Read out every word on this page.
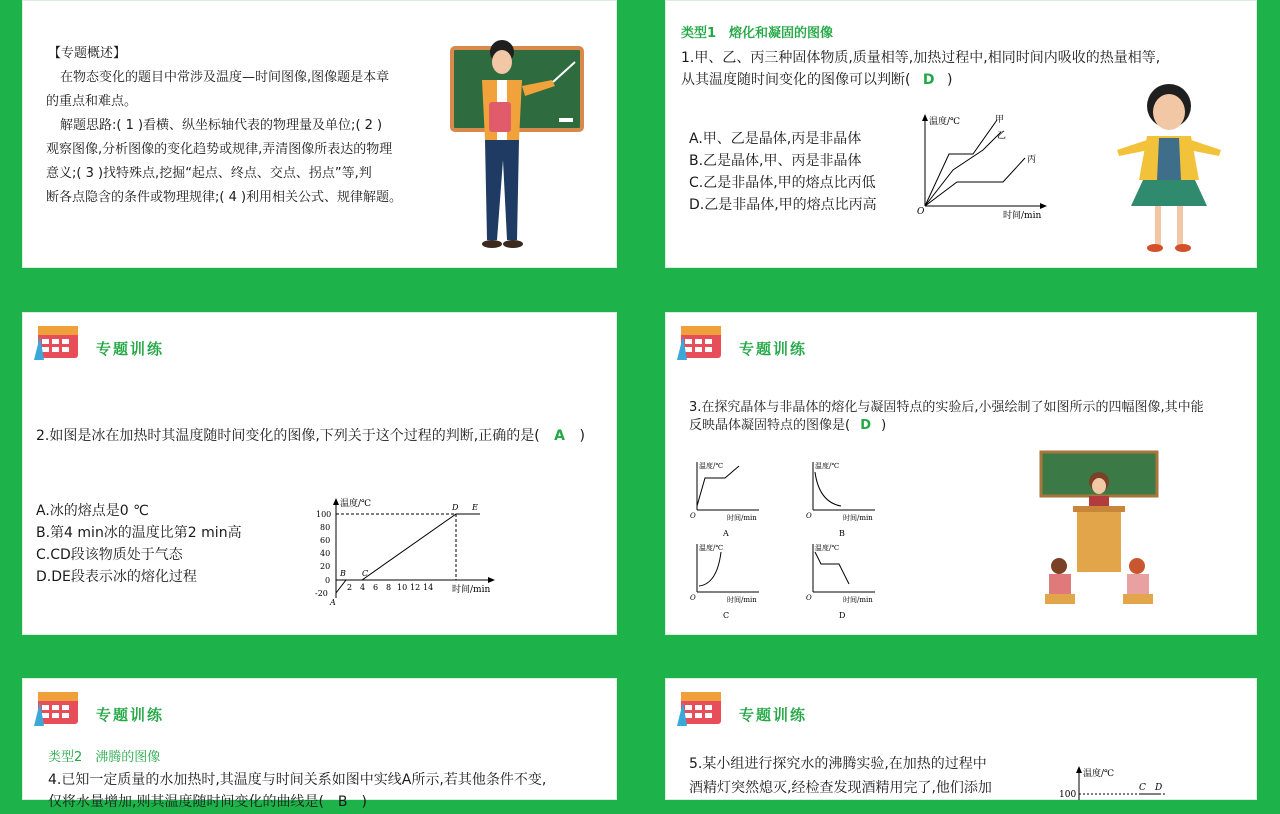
【专题概述】
在物态变化的题目中常涉及温度—时间图像,图像题是本章
的重点和难点。
解题思路:( 1 )看横、纵坐标轴代表的物理量及单位;( 2 )
观察图像,分析图像的变化趋势或规律,弄清图像所表达的物理
意义;( 3 )找特殊点,挖掘“起点、终点、交点、拐点”等,判
断各点隐含的条件或物理规律;( 4 )利用相关公式、规律解题。
类型1　熔化和凝固的图像
1.甲、乙、丙三种固体物质,质量相等,加热过程中,相同时间内吸收的热量相等,
从其温度随时间变化的图像可以判断( D )
A.甲、乙是晶体,丙是非晶体
B.乙是晶体,甲、丙是非晶体
C.乙是非晶体,甲的熔点比丙低
D.乙是非晶体,甲的熔点比丙高
温度/℃
时间/min
O
甲
乙
丙
专题训练
2.如图是冰在加热时其温度随时间变化的图像,下列关于这个过程的判断,正确的是( A )
A.冰的熔点是0 ℃
B.第4 min冰的温度比第2 min高
C.CD段该物质处于气态
D.DE段表示冰的熔化过程
温度/℃
时间/min
100
80
60
40
20
0
-20
2 4 6 8 10 12 14
A
B C
D E
专题训练
3.在探究晶体与非晶体的熔化与凝固特点的实验后,小强绘制了如图所示的四幅图像,其中能
反映晶体凝固特点的图像是( D )
温度/℃
时间/min
O
A
温度/℃
时间/min
O
B
温度/℃
时间/min
O
C
温度/℃
时间/min
O
D
专题训练
类型2　沸腾的图像
4.已知一定质量的水加热时,其温度与时间关系如图中实线A所示,若其他条件不变,
仅将水量增加,则其温度随时间变化的曲线是(　B　)
专题训练
5.某小组进行探究水的沸腾实验,在加热的过程中
酒精灯突然熄灭,经检查发现酒精用完了,他们添加
温度/℃
100
C D
